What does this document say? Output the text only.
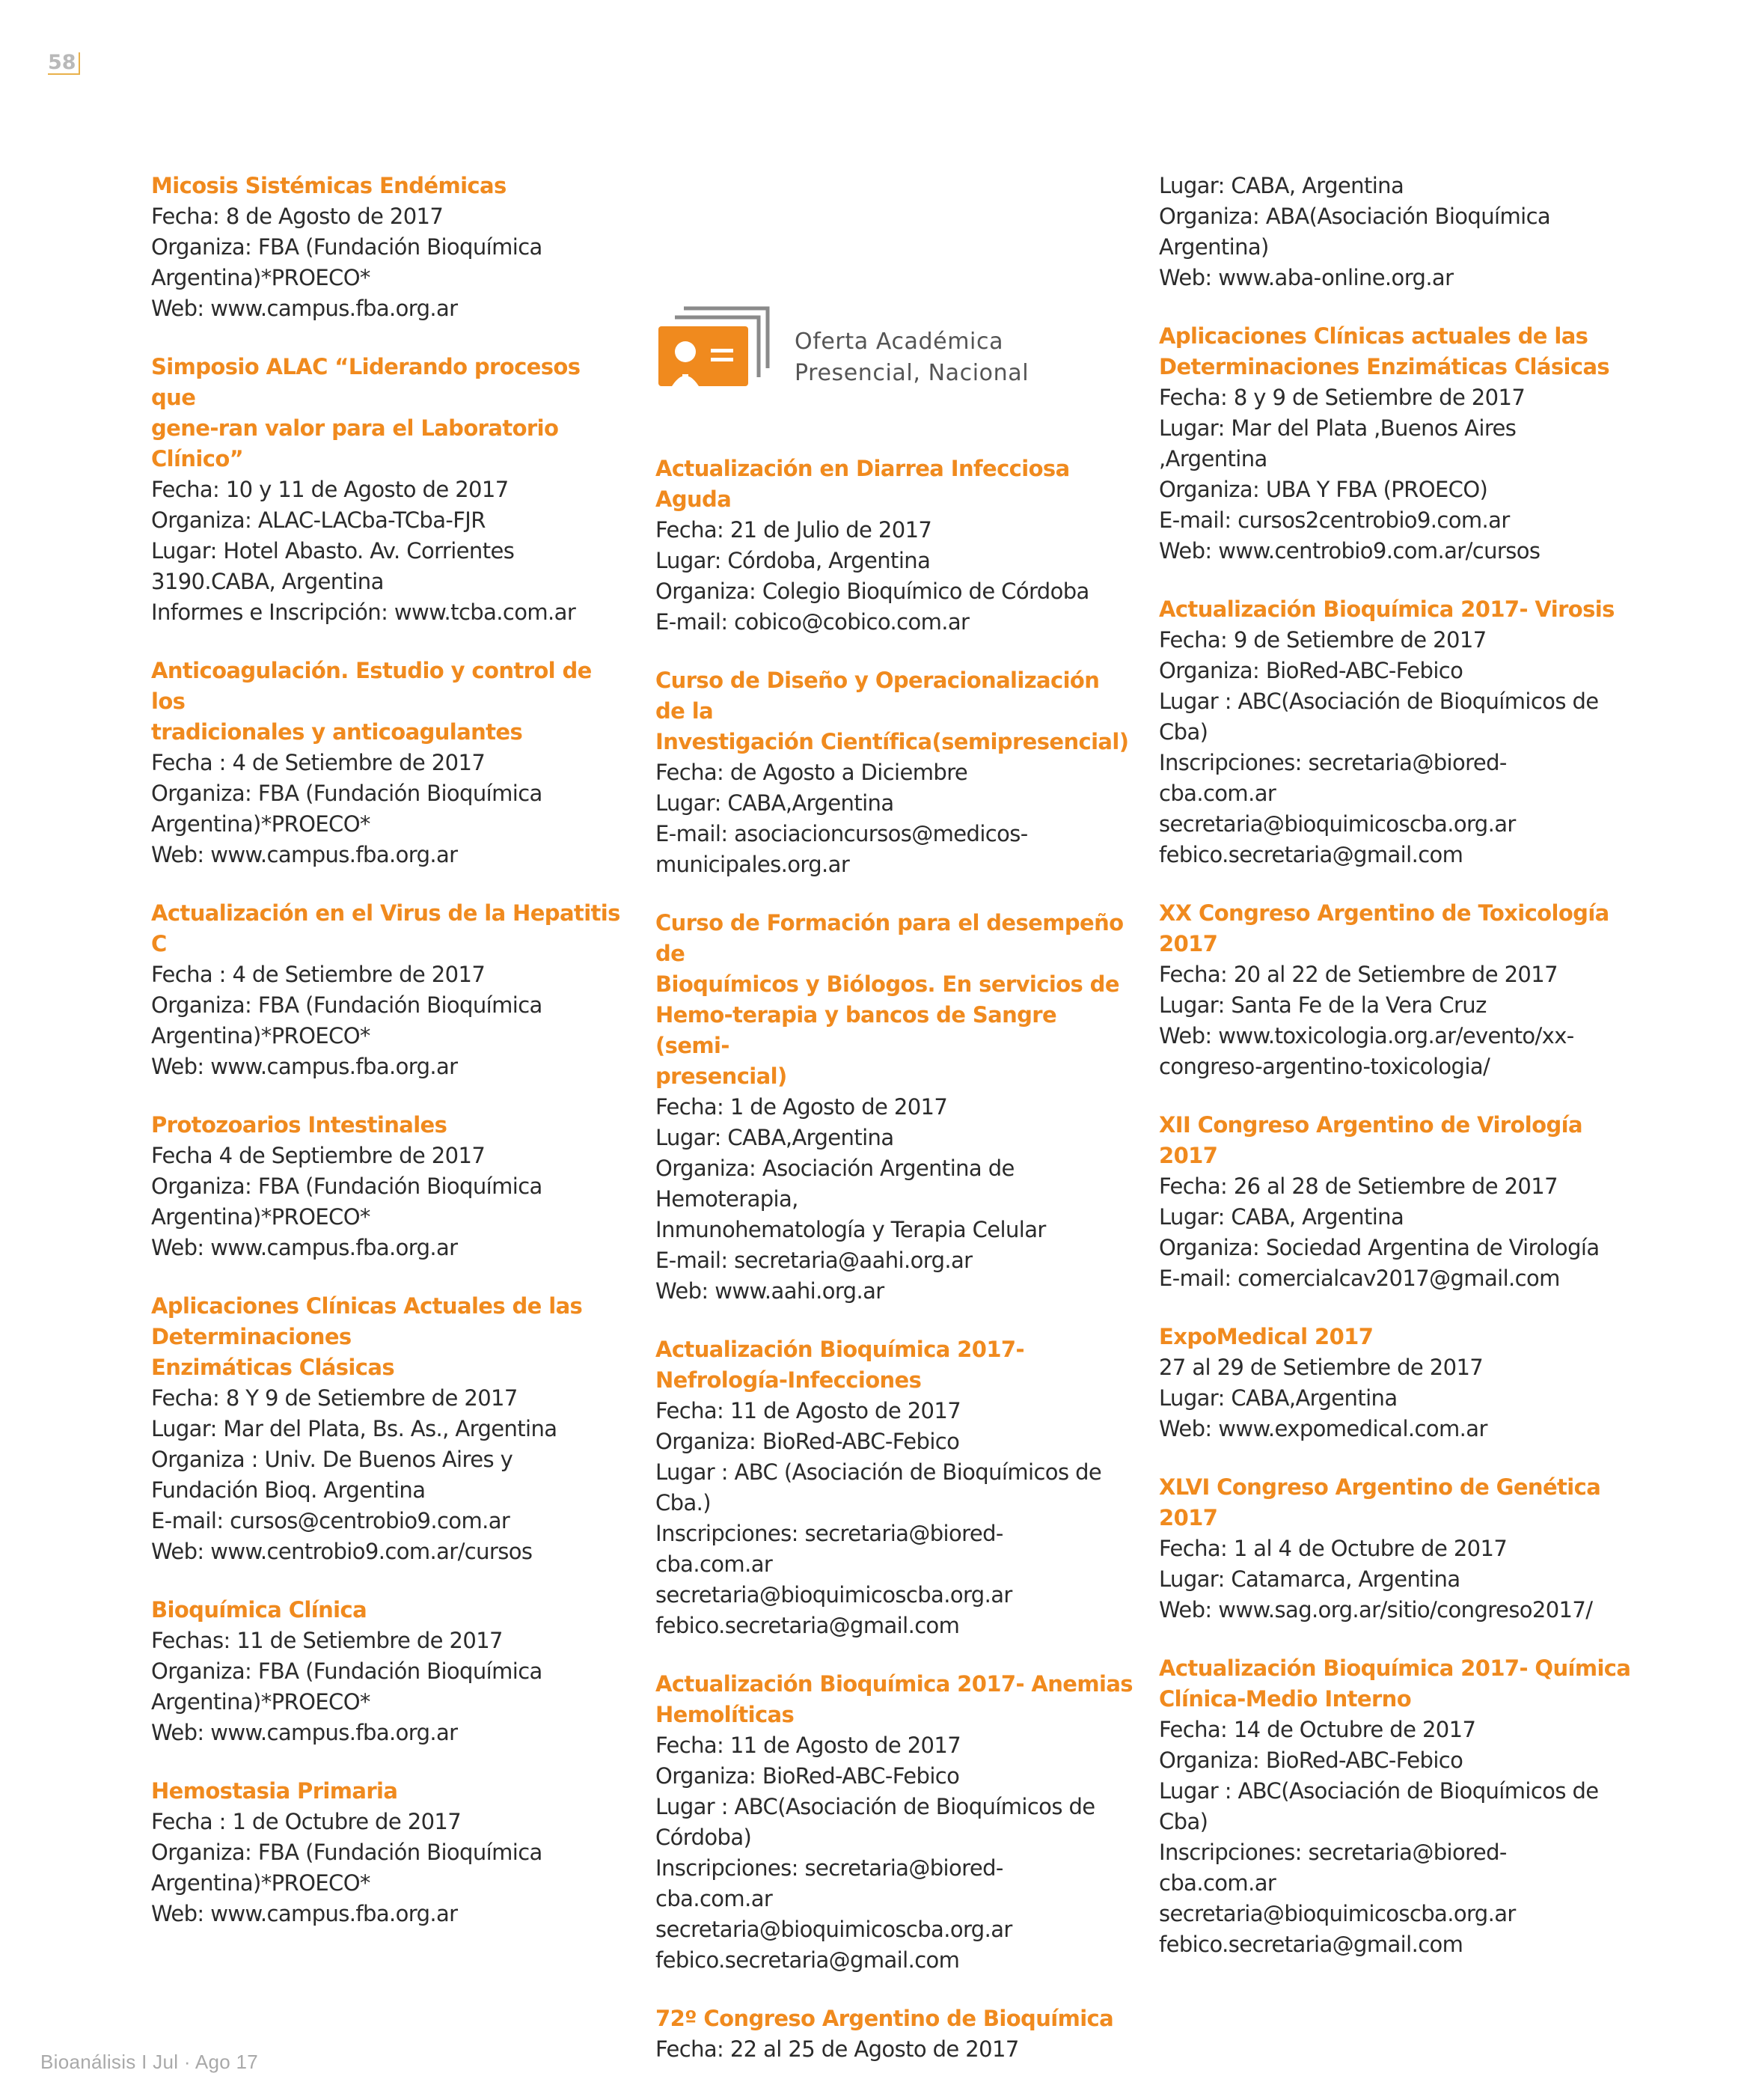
58
Micosis Sistémicas Endémicas
Fecha: 8 de Agosto de 2017
Organiza: FBA (Fundación Bioquímica
Argentina)*PROECO*
Web: www.campus.fba.org.ar
Simposio ALAC “Liderando procesos que
gene-ran valor para el Laboratorio Clínico”
Fecha: 10 y 11 de Agosto de 2017
Organiza: ALAC-LACba-TCba-FJR
Lugar: Hotel Abasto. Av. Corrientes
3190.CABA, Argentina
Informes e Inscripción: www.tcba.com.ar
Anticoagulación. Estudio y control de los
tradicionales y anticoagulantes
Fecha : 4 de Setiembre de 2017
Organiza: FBA (Fundación Bioquímica
Argentina)*PROECO*
Web: www.campus.fba.org.ar
Actualización en el Virus de la Hepatitis C
Fecha : 4 de Setiembre de 2017
Organiza: FBA (Fundación Bioquímica
Argentina)*PROECO*
Web: www.campus.fba.org.ar
Protozoarios Intestinales
Fecha 4 de Septiembre de 2017
Organiza: FBA (Fundación Bioquímica
Argentina)*PROECO*
Web: www.campus.fba.org.ar
Aplicaciones Clínicas Actuales de las
Determinaciones
Enzimáticas Clásicas
Fecha: 8 Y 9 de Setiembre de 2017
Lugar: Mar del Plata, Bs. As., Argentina
Organiza : Univ. De Buenos Aires y
Fundación Bioq. Argentina
E-mail: cursos@centrobio9.com.ar
Web: www.centrobio9.com.ar/cursos
Bioquímica Clínica
Fechas: 11 de Setiembre de 2017
Organiza: FBA (Fundación Bioquímica
Argentina)*PROECO*
Web: www.campus.fba.org.ar
Hemostasia Primaria
Fecha : 1 de Octubre de 2017
Organiza: FBA (Fundación Bioquímica
Argentina)*PROECO*
Web: www.campus.fba.org.ar
Oferta Académica
Presencial, Nacional
Actualización en Diarrea Infecciosa Aguda
Fecha: 21 de Julio de 2017
Lugar: Córdoba, Argentina
Organiza: Colegio Bioquímico de Córdoba
E-mail: cobico@cobico.com.ar
Curso de Diseño y Operacionalización de la
Investigación Científica(semipresencial)
Fecha: de Agosto a Diciembre
Lugar: CABA,Argentina
E-mail: asociacioncursos@medicos-
municipales.org.ar
Curso de Formación para el desempeño de
Bioquímicos y Biólogos. En servicios de
Hemo-terapia y bancos de Sangre (semi-
presencial)
Fecha: 1 de Agosto de 2017
Lugar: CABA,Argentina
Organiza: Asociación Argentina de
Hemoterapia,
Inmunohematología y Terapia Celular
E-mail: secretaria@aahi.org.ar
Web: www.aahi.org.ar
Actualización Bioquímica 2017-
Nefrología-Infecciones
Fecha: 11 de Agosto de 2017
Organiza: BioRed-ABC-Febico
Lugar : ABC (Asociación de Bioquímicos de
Cba.)
Inscripciones: secretaria@biored-
cba.com.ar
secretaria@bioquimicoscba.org.ar
febico.secretaria@gmail.com
Actualización Bioquímica 2017- Anemias
Hemolíticas
Fecha: 11 de Agosto de 2017
Organiza: BioRed-ABC-Febico
Lugar : ABC(Asociación de Bioquímicos de
Córdoba)
Inscripciones: secretaria@biored-
cba.com.ar
secretaria@bioquimicoscba.org.ar
febico.secretaria@gmail.com
72º Congreso Argentino de Bioquímica
Fecha: 22 al 25 de Agosto de 2017
Lugar: CABA, Argentina
Organiza: ABA(Asociación Bioquímica
Argentina)
Web: www.aba-online.org.ar
Aplicaciones Clínicas actuales de las
Determinaciones Enzimáticas Clásicas
Fecha: 8 y 9 de Setiembre de 2017
Lugar: Mar del Plata ,Buenos Aires
,Argentina
Organiza: UBA Y FBA (PROECO)
E-mail: cursos2centrobio9.com.ar
Web: www.centrobio9.com.ar/cursos
Actualización Bioquímica 2017- Virosis
Fecha: 9 de Setiembre de 2017
Organiza: BioRed-ABC-Febico
Lugar : ABC(Asociación de Bioquímicos de
Cba)
Inscripciones: secretaria@biored-
cba.com.ar
secretaria@bioquimicoscba.org.ar
febico.secretaria@gmail.com
XX Congreso Argentino de Toxicología
2017
Fecha: 20 al 22 de Setiembre de 2017
Lugar: Santa Fe de la Vera Cruz
Web: www.toxicologia.org.ar/evento/xx-
congreso-argentino-toxicologia/
XII Congreso Argentino de Virología 2017
Fecha: 26 al 28 de Setiembre de 2017
Lugar: CABA, Argentina
Organiza: Sociedad Argentina de Virología
E-mail: comercialcav2017@gmail.com
ExpoMedical 2017
27 al 29 de Setiembre de 2017
Lugar: CABA,Argentina
Web: www.expomedical.com.ar
XLVI Congreso Argentino de Genética 2017
Fecha: 1 al 4 de Octubre de 2017
Lugar: Catamarca, Argentina
Web: www.sag.org.ar/sitio/congreso2017/
Actualización Bioquímica 2017- Química
Clínica-Medio Interno
Fecha: 14 de Octubre de 2017
Organiza: BioRed-ABC-Febico
Lugar : ABC(Asociación de Bioquímicos de
Cba)
Inscripciones: secretaria@biored-
cba.com.ar
secretaria@bioquimicoscba.org.ar
febico.secretaria@gmail.com
Bioanálisis I Jul · Ago 17
